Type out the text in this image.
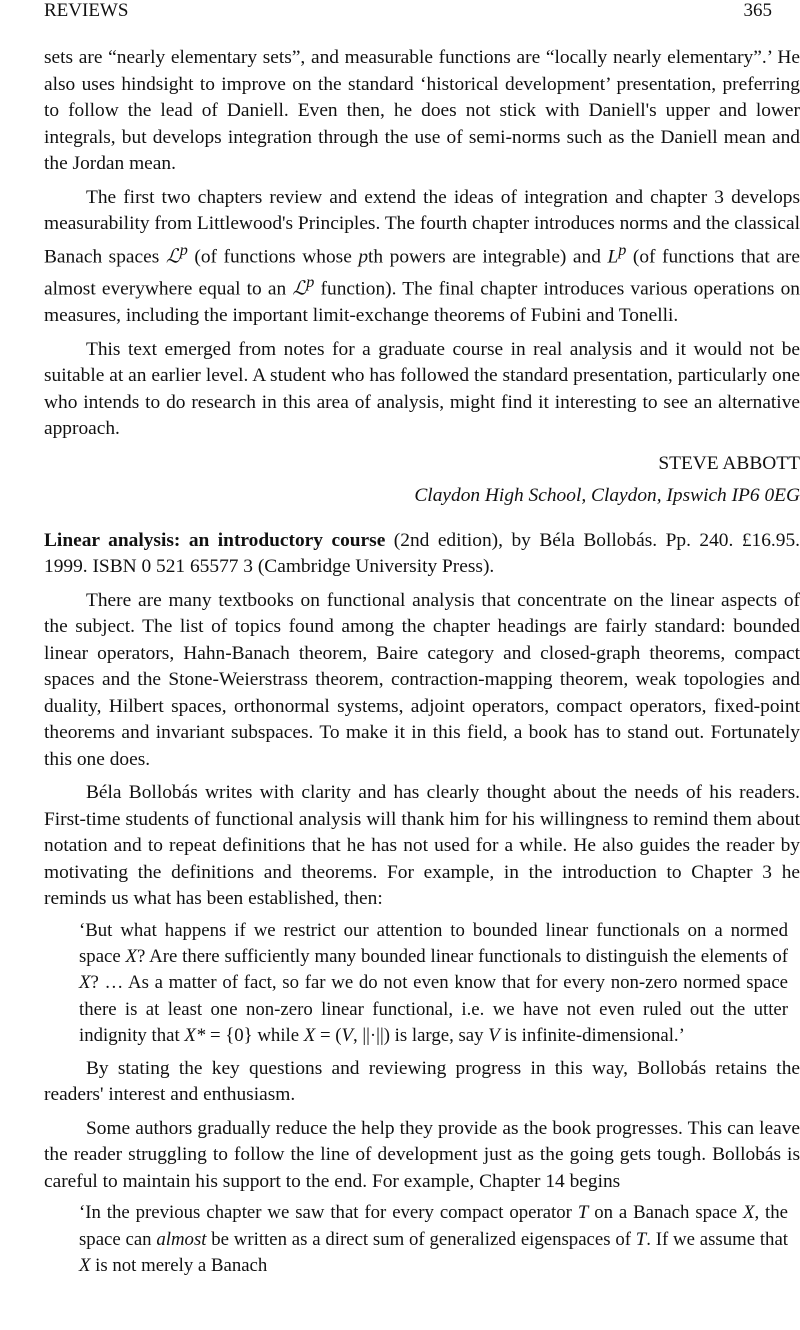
REVIEWS	365

sets are “nearly elementary sets”, and measurable functions are “locally nearly elementary”.’ He also uses hindsight to improve on the standard ‘historical development’ presentation, preferring to follow the lead of Daniell. Even then, he does not stick with Daniell's upper and lower integrals, but develops integration through the use of semi-norms such as the Daniell mean and the Jordan mean.

The first two chapters review and extend the ideas of integration and chapter 3 develops measurability from Littlewood's Principles. The fourth chapter introduces norms and the classical Banach spaces ℒ$^p$ (of functions whose pth powers are integrable) and $L^p$ (of functions that are almost everywhere equal to an ℒ$^p$ function). The final chapter introduces various operations on measures, including the important limit-exchange theorems of Fubini and Tonelli.

This text emerged from notes for a graduate course in real analysis and it would not be suitable at an earlier level. A student who has followed the standard presentation, particularly one who intends to do research in this area of analysis, might find it interesting to see an alternative approach.

STEVE ABBOTT

Claydon High School, Claydon, Ipswich IP6 0EG

Linear analysis: an introductory course (2nd edition), by Béla Bollobás. Pp. 240. £16.95. 1999. ISBN 0 521 65577 3 (Cambridge University Press).

There are many textbooks on functional analysis that concentrate on the linear aspects of the subject. The list of topics found among the chapter headings are fairly standard: bounded linear operators, Hahn-Banach theorem, Baire category and closed-graph theorems, compact spaces and the Stone-Weierstrass theorem, contraction-mapping theorem, weak topologies and duality, Hilbert spaces, orthonormal systems, adjoint operators, compact operators, fixed-point theorems and invariant subspaces. To make it in this field, a book has to stand out. Fortunately this one does.

Béla Bollobás writes with clarity and has clearly thought about the needs of his readers. First-time students of functional analysis will thank him for his willingness to remind them about notation and to repeat definitions that he has not used for a while. He also guides the reader by motivating the definitions and theorems. For example, in the introduction to Chapter 3 he reminds us what has been established, then:

‘But what happens if we restrict our attention to bounded linear functionals on a normed space X? Are there sufficiently many bounded linear functionals to distinguish the elements of X? … As a matter of fact, so far we do not even know that for every non-zero normed space there is at least one non-zero linear functional, i.e. we have not even ruled out the utter indignity that X* = {0} while X = (V, ||·||) is large, say V is infinite-dimensional.’

By stating the key questions and reviewing progress in this way, Bollobás retains the readers' interest and enthusiasm.

Some authors gradually reduce the help they provide as the book progresses. This can leave the reader struggling to follow the line of development just as the going gets tough. Bollobás is careful to maintain his support to the end. For example, Chapter 14 begins

‘In the previous chapter we saw that for every compact operator T on a Banach space X, the space can almost be written as a direct sum of generalized eigenspaces of T. If we assume that X is not merely a Banach
